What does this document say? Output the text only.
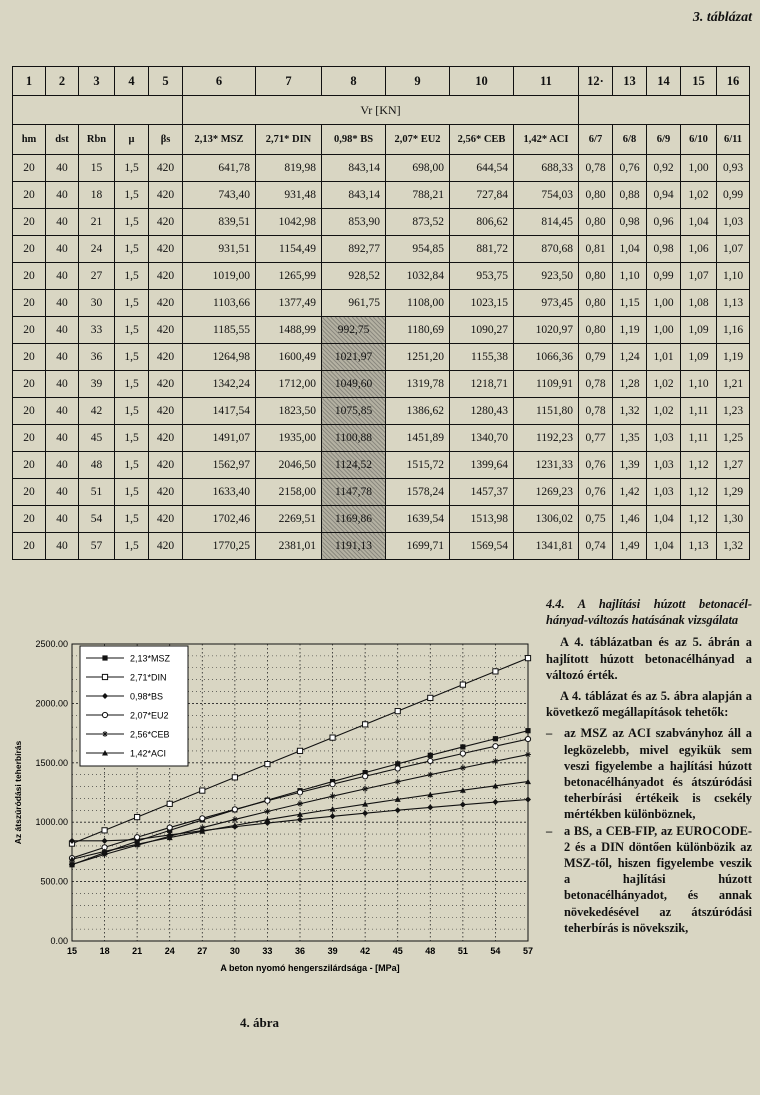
3. táblázat
1	2	3	4	5	6	7	8	9	10	11	12·	13	14	15	16
					Vr [KN]										
hm	dst	Rbn	μ	βs	2,13* MSZ	2,71* DIN	0,98* BS	2,07* EU2	2,56* CEB	1,42* ACI	6/7	6/8	6/9	6/10	6/11
20	40	15	1,5	420	641,78	819,98	843,14	698,00	644,54	688,33	0,78	0,76	0,92	1,00	0,93
20	40	18	1,5	420	743,40	931,48	843,14	788,21	727,84	754,03	0,80	0,88	0,94	1,02	0,99
20	40	21	1,5	420	839,51	1042,98	853,90	873,52	806,62	814,45	0,80	0,98	0,96	1,04	1,03
20	40	24	1,5	420	931,51	1154,49	892,77	954,85	881,72	870,68	0,81	1,04	0,98	1,06	1,07
20	40	27	1,5	420	1019,00	1265,99	928,52	1032,84	953,75	923,50	0,80	1,10	0,99	1,07	1,10
20	40	30	1,5	420	1103,66	1377,49	961,75	1108,00	1023,15	973,45	0,80	1,15	1,00	1,08	1,13
20	40	33	1,5	420	1185,55	1488,99	992,75	1180,69	1090,27	1020,97	0,80	1,19	1,00	1,09	1,16
20	40	36	1,5	420	1264,98	1600,49	1021,97	1251,20	1155,38	1066,36	0,79	1,24	1,01	1,09	1,19
20	40	39	1,5	420	1342,24	1712,00	1049,60	1319,78	1218,71	1109,91	0,78	1,28	1,02	1,10	1,21
20	40	42	1,5	420	1417,54	1823,50	1075,85	1386,62	1280,43	1151,80	0,78	1,32	1,02	1,11	1,23
20	40	45	1,5	420	1491,07	1935,00	1100,88	1451,89	1340,70	1192,23	0,77	1,35	1,03	1,11	1,25
20	40	48	1,5	420	1562,97	2046,50	1124,52	1515,72	1399,64	1231,33	0,76	1,39	1,03	1,12	1,27
20	40	51	1,5	420	1633,40	2158,00	1147,78	1578,24	1457,37	1269,23	0,76	1,42	1,03	1,12	1,29
20	40	54	1,5	420	1702,46	2269,51	1169,86	1639,54	1513,98	1306,02	0,75	1,46	1,04	1,12	1,30
20	40	57	1,5	420	1770,25	2381,01	1191,13	1699,71	1569,54	1341,81	0,74	1,49	1,04	1,13	1,32
0.00
500.00
1000.00
1500.00
2000.00
2500.00
15	18	21	24	27	30	33	36	39	42	45	48	51	54	57
A beton nyomó hengerszilárdsága - [MPa]
Az átszúródási teherbírás
2,13*MSZ
2,71*DIN
0,98*BS
2,07*EU2
2,56*CEB
1,42*ACI
4. ábra

4.4. A hajlítási húzott betonacél-hányad-változás hatásának vizsgálata

A 4. táblázatban és az 5. ábrán a hajlított húzott betonacélhányad a változó érték.

A 4. táblázat és az 5. ábra alapján a következő megállapítások tehetők:

– az MSZ az ACI szabványhoz áll a legközelebb, mivel egyikük sem veszi figyelembe a hajlítási húzott betonacélhányadot és átszúródási teherbírási értékeik is csekély mértékben különböznek,
– a BS, a CEB-FIP, az EUROCODE-2 és a DIN döntően különbözik az MSZ-től, hiszen figyelembe veszik a hajlítási húzott betonacélhányadot, és annak növekedésével az átszúródási teherbírás is növekszik,
